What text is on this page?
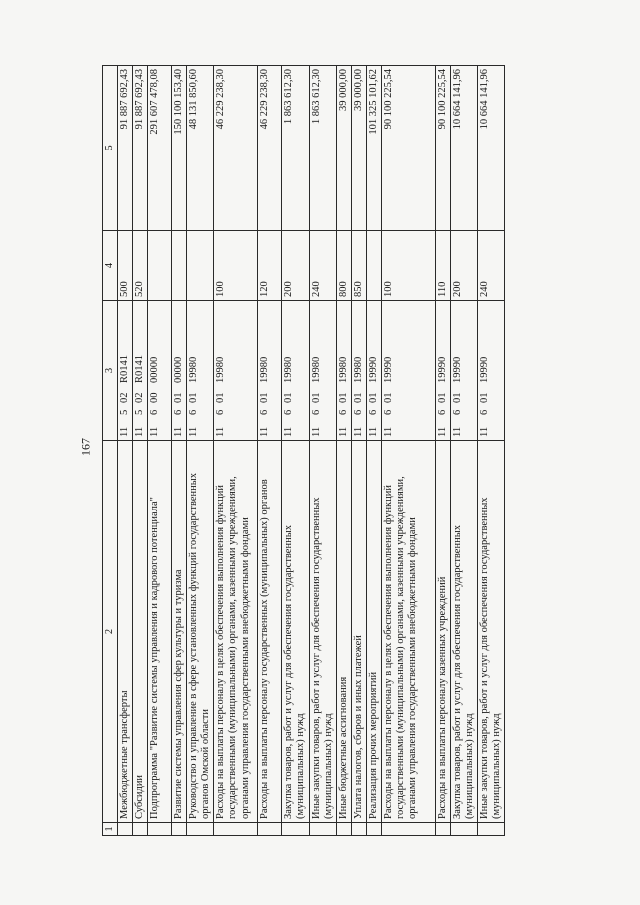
167
1	2	3	4	5
	Межбюджетные трансферты	11502R0141	500	91 887 692,43
	Субсидии	11502R0141	520	91 887 692,43
	Подпрограмма "Развитие системы управления и кадрового потенциала"	1160000000		291 607 478,08
	Развитие системы управления сфер культуры и туризма	1160100000		150 100 153,40
	Руководство и управление в сфере установленных функций государственных органов Омской области	1160119980		48 131 850,60
	Расходы на выплаты персоналу в целях обеспечения выполнения функций государственными (муниципальными) органами, казенными учреждениями, органами управления государственными внебюджетными фондами	1160119980	100	46 229 238,30
	Расходы на выплаты персоналу государственных (муниципальных) органов	1160119980	120	46 229 238,30
	Закупка товаров, работ и услуг для обеспечения государственных (муниципальных) нужд	1160119980	200	1 863 612,30
	Иные закупки товаров, работ и услуг для обеспечения государственных (муниципальных) нужд	1160119980	240	1 863 612,30
	Иные бюджетные ассигнования	1160119980	800	39 000,00
	Уплата налогов, сборов и иных платежей	1160119980	850	39 000,00
	Реализация прочих мероприятий	1160119990		101 325 101,62
	Расходы на выплаты персоналу в целях обеспечения выполнения функций государственными (муниципальными) органами, казенными учреждениями, органами управления государственными внебюджетными фондами	1160119990	100	90 100 225,54
	Расходы на выплаты персоналу казенных учреждений	1160119990	110	90 100 225,54
	Закупка товаров, работ и услуг для обеспечения государственных (муниципальных) нужд	1160119990	200	10 664 141,96
	Иные закупки товаров, работ и услуг для обеспечения государственных (муниципальных) нужд	1160119990	240	10 664 141,96
